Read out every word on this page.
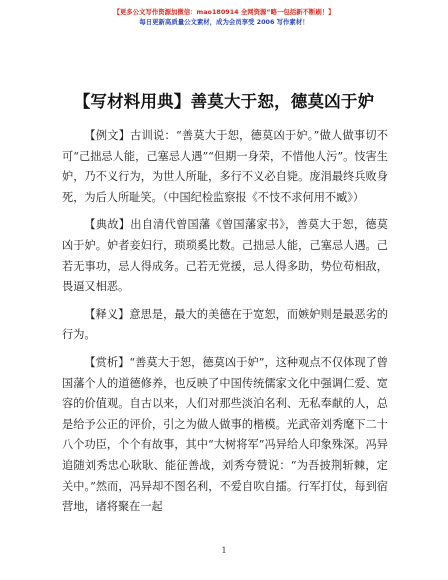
【更多公文写作资源加微信：mao180914 全网资源“略一包括新不断刷！】
每日更新高质量公文素材，成为会员享受 2006 写作素材！
【写材料用典】善莫大于恕，德莫凶于妒

【例文】古训说：“善莫大于恕，德莫凶于妒。”做人做事切不可“己拙忌人能，己塞忌人遇”“但期一身荣，不惜他人污”。忮害生妒，乃不义行为，为世人所耻，多行不义必自毙。庞涓最终兵败身死，为后人所耻笑。（中国纪检监察报《不忮不求何用不臧》）

【典故】出自清代曾国藩《曾国藩家书》，善莫大于恕，德莫凶于妒。妒者妾妇行，琐琐奚比数。己拙忌人能，己塞忌人遇。己若无事功，忌人得成务。己若无党援，忌人得多助，势位苟相敌，畏逼又相恶。

【释义】意思是，最大的美德在于宽恕，而嫉妒则是最恶劣的行为。

【赏析】“善莫大于恕，德莫凶于妒”，这种观点不仅体现了曾国藩个人的道德修养，也反映了中国传统儒家文化中强调仁爱、宽容的价值观。自古以来，人们对那些淡泊名利、无私奉献的人，总是给予公正的评价，引之为做人做事的楷模。光武帝刘秀麾下二十八个功臣，个个有故事，其中“大树将军”冯异给人印象殊深。冯异追随刘秀忠心耿耿、能征善战，刘秀夸赞说：“为吾披荆斩棘，定关中。”然而，冯异却不图名利，不爱自吹自擂。行军打仗，每到宿营地，诸将聚在一起

1
